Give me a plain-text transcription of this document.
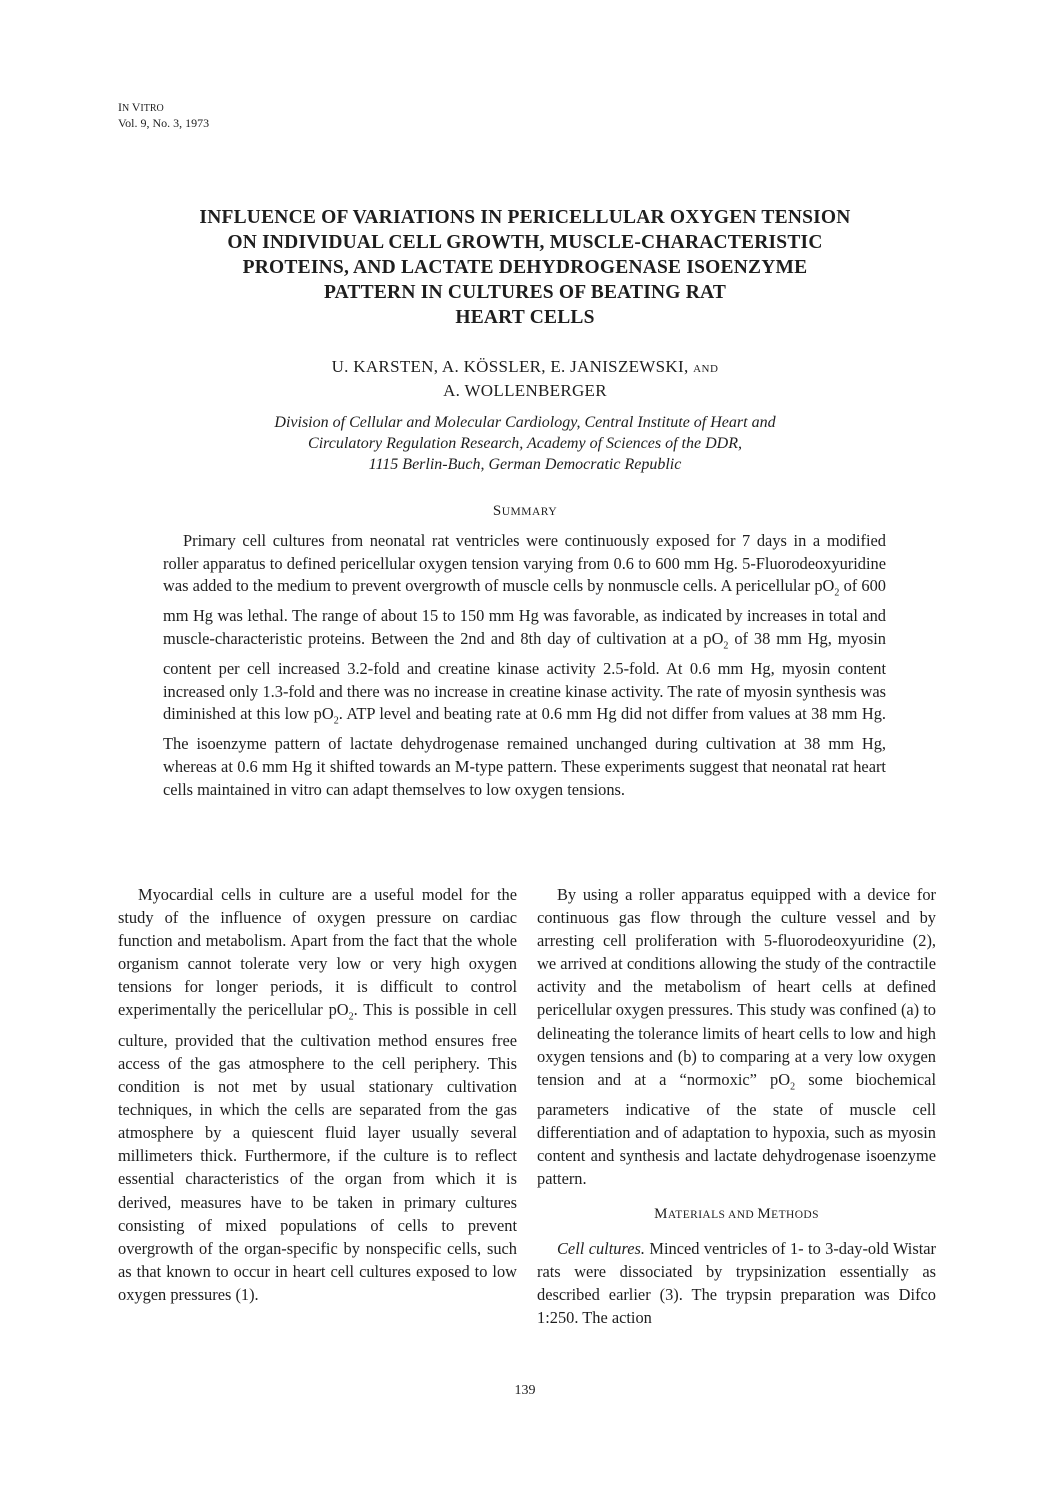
IN VITRO
Vol. 9, No. 3, 1973
INFLUENCE OF VARIATIONS IN PERICELLULAR OXYGEN TENSION
ON INDIVIDUAL CELL GROWTH, MUSCLE-CHARACTERISTIC
PROTEINS, AND LACTATE DEHYDROGENASE ISOENZYME
PATTERN IN CULTURES OF BEATING RAT
HEART CELLS
U. KARSTEN, A. KÖSSLER, E. JANISZEWSKI, AND
A. WOLLENBERGER
Division of Cellular and Molecular Cardiology, Central Institute of Heart and
Circulatory Regulation Research, Academy of Sciences of the DDR,
1115 Berlin-Buch, German Democratic Republic
SUMMARY

Primary cell cultures from neonatal rat ventricles were continuously exposed for 7 days in a modified roller apparatus to defined pericellular oxygen tension varying from 0.6 to 600 mm Hg. 5-Fluorodeoxyuridine was added to the medium to prevent overgrowth of muscle cells by nonmuscle cells. A pericellular $pO_2$ of 600 mm Hg was lethal. The range of about 15 to 150 mm Hg was favorable, as indicated by increases in total and muscle-characteristic proteins. Between the 2nd and 8th day of cultivation at a $pO_2$ of 38 mm Hg, myosin content per cell increased 3.2-fold and creatine kinase activity 2.5-fold. At 0.6 mm Hg, myosin content increased only 1.3-fold and there was no increase in creatine kinase activity. The rate of myosin synthesis was diminished at this low $pO_2$. ATP level and beating rate at 0.6 mm Hg did not differ from values at 38 mm Hg. The isoenzyme pattern of lactate dehydrogenase remained unchanged during cultivation at 38 mm Hg, whereas at 0.6 mm Hg it shifted towards an M-type pattern. These experiments suggest that neonatal rat heart cells maintained in vitro can adapt themselves to low oxygen tensions.

Myocardial cells in culture are a useful model for the study of the influence of oxygen pressure on cardiac function and metabolism. Apart from the fact that the whole organism cannot tolerate very low or very high oxygen tensions for longer periods, it is difficult to control experimentally the pericellular $pO_2$. This is possible in cell culture, provided that the cultivation method ensures free access of the gas atmosphere to the cell periphery. This condition is not met by usual stationary cultivation techniques, in which the cells are separated from the gas atmosphere by a quiescent fluid layer usually several millimeters thick. Furthermore, if the culture is to reflect essential characteristics of the organ from which it is derived, measures have to be taken in primary cultures consisting of mixed populations of cells to prevent overgrowth of the organ-specific by nonspecific cells, such as that known to occur in heart cell cultures exposed to low oxygen pressures (1).

By using a roller apparatus equipped with a device for continuous gas flow through the culture vessel and by arresting cell proliferation with 5-fluorodeoxyuridine (2), we arrived at conditions allowing the study of the contractile activity and the metabolism of heart cells at defined pericellular oxygen pressures. This study was confined (a) to delineating the tolerance limits of heart cells to low and high oxygen tensions and (b) to comparing at a very low oxygen tension and at a “normoxic” $pO_2$ some biochemical parameters indicative of the state of muscle cell differentiation and of adaptation to hypoxia, such as myosin content and synthesis and lactate dehydrogenase isoenzyme pattern.

MATERIALS AND METHODS

Cell cultures. Minced ventricles of 1- to 3-day-old Wistar rats were dissociated by trypsinization essentially as described earlier (3). The trypsin preparation was Difco 1:250. The action

139
